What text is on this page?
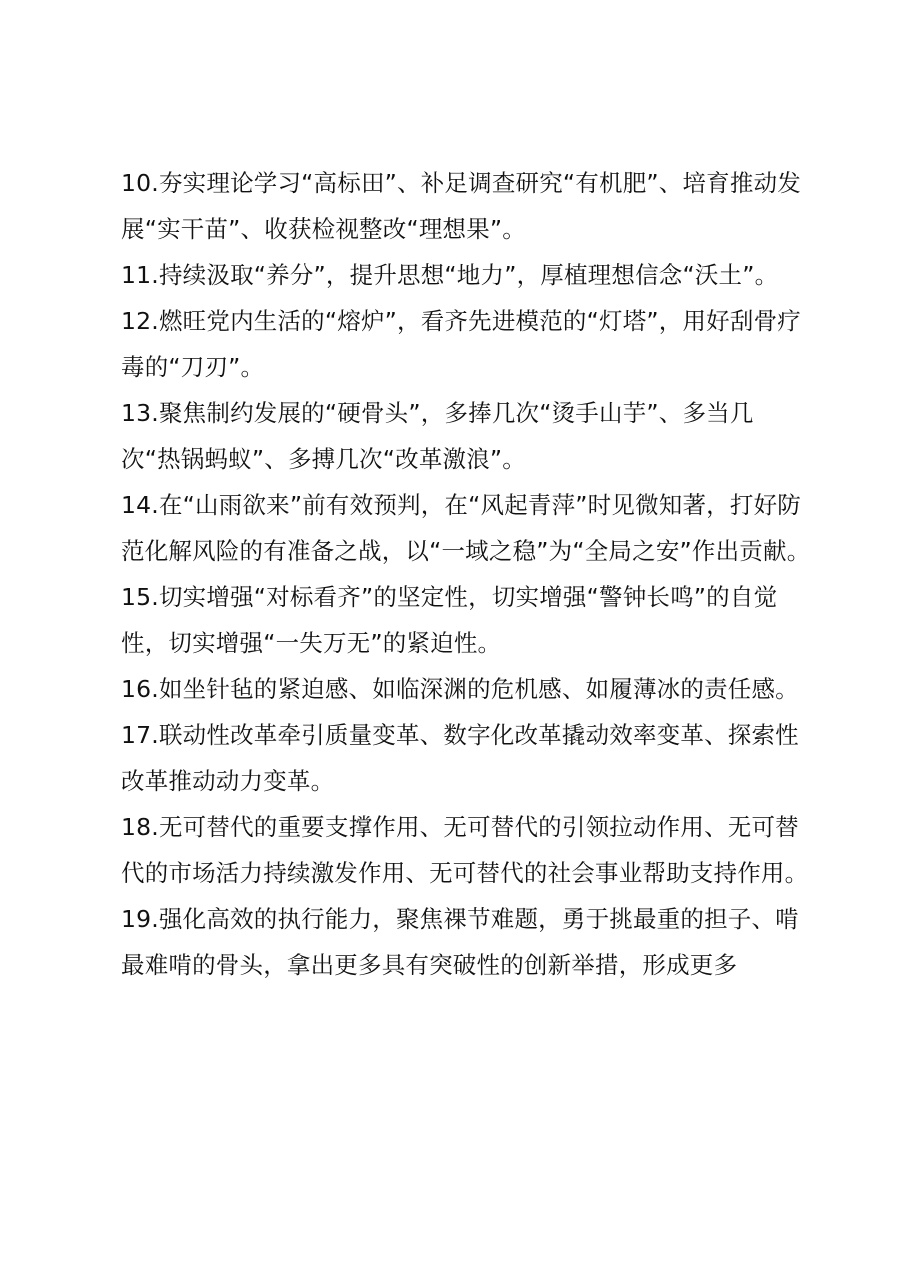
10.夯实理论学习“高标田”、补足调查研究“有机肥”、培育推动发展“实干苗”、收获检视整改“理想果”。

11.持续汲取“养分”，提升思想“地力”，厚植理想信念“沃土”。

12.燃旺党内生活的“熔炉”，看齐先进模范的“灯塔”，用好刮骨疗毒的“刀刃”。

13.聚焦制约发展的“硬骨头”，多捧几次“烫手山芋”、多当几次“热锅蚂蚁”、多搏几次“改革激浪”。

14.在“山雨欲来”前有效预判，在“风起青萍”时见微知著，打好防范化解风险的有准备之战，以“一域之稳”为“全局之安”作出贡献。

15.切实增强“对标看齐”的坚定性，切实增强“警钟长鸣”的自觉性，切实增强“一失万无”的紧迫性。

16.如坐针毡的紧迫感、如临深渊的危机感、如履薄冰的责任感。

17.联动性改革牵引质量变革、数字化改革撬动效率变革、探索性改革推动动力变革。

18.无可替代的重要支撑作用、无可替代的引领拉动作用、无可替代的市场活力持续激发作用、无可替代的社会事业帮助支持作用。

19.强化高效的执行能力，聚焦祼节难题，勇于挑最重的担子、啃最难啃的骨头，拿出更多具有突破性的创新举措，形成更多
